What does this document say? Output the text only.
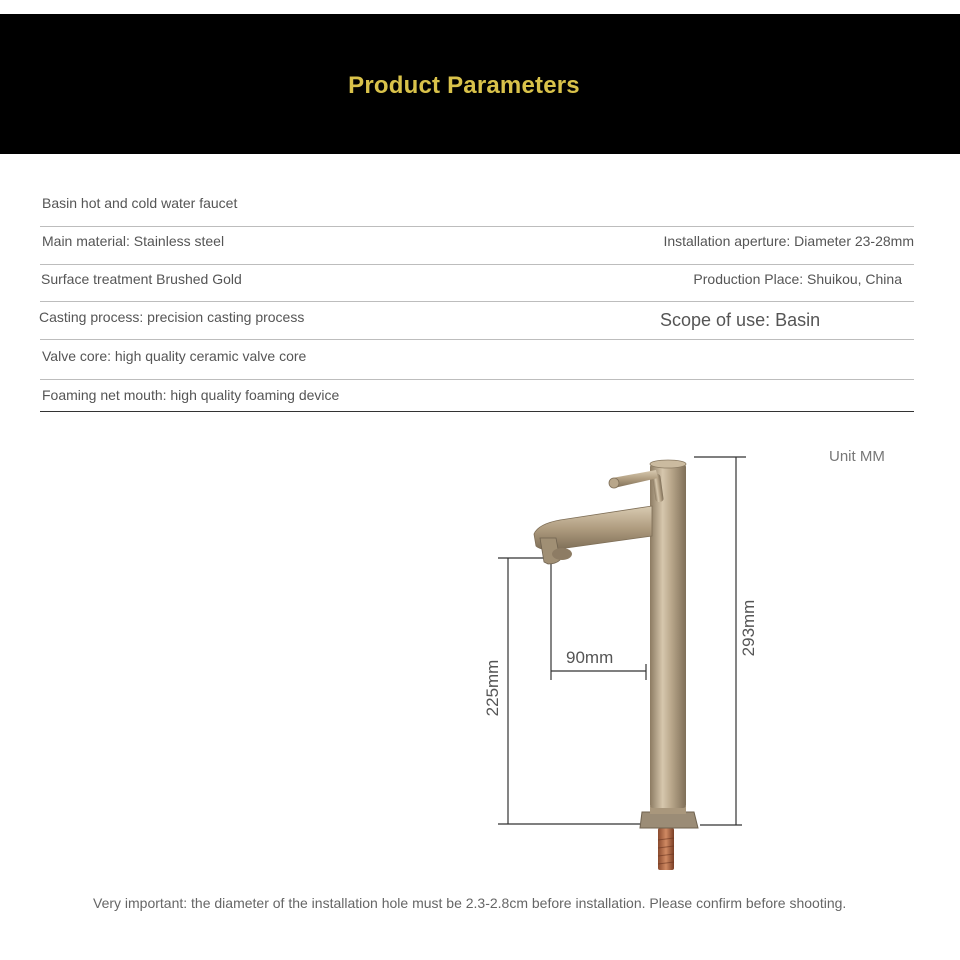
Product Parameters
Basin hot and cold water faucet
Main material: Stainless steel	Installation aperture: Diameter 23-28mm
Surface treatment Brushed Gold	Production Place: Shuikou, China
Casting process: precision casting process	Scope of use: Basin
Valve core: high quality ceramic valve core
Foaming net mouth: high quality foaming device
Unit MM
90mm
225mm
293mm
Very important: the diameter of the installation hole must be 2.3-2.8cm before installation. Please confirm before shooting.
